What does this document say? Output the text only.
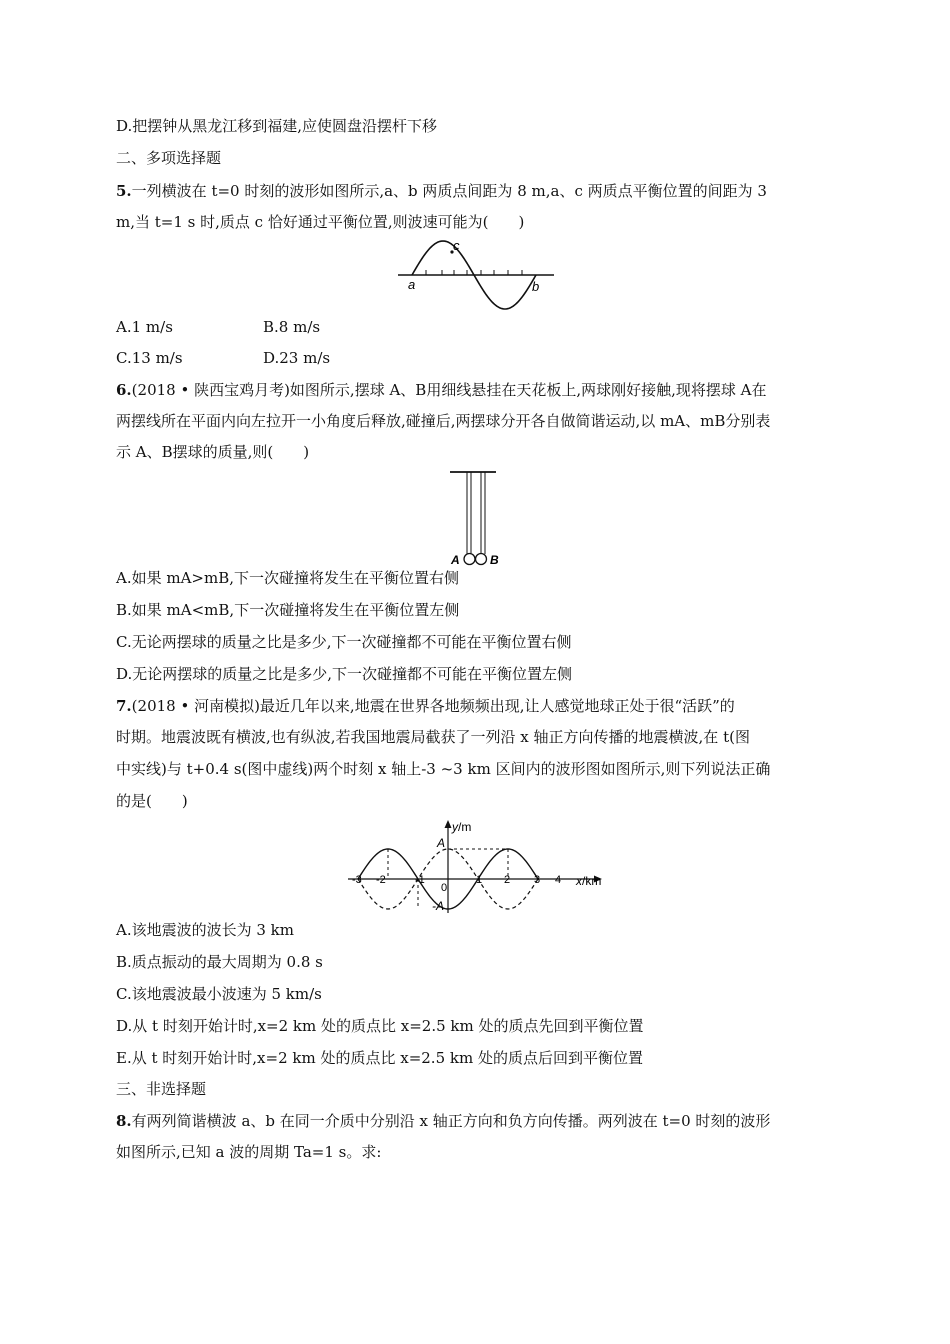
D.把摆钟从黑龙江移到福建,应使圆盘沿摆杆下移
二、多项选择题
5.一列横波在 t=0 时刻的波形如图所示,a、b 两质点间距为 8 m,a、c 两质点平衡位置的间距为 3
m,当 t=1 s 时,质点 c 恰好通过平衡位置,则波速可能为(　　)
c
a	b
A.1 m/s	B.8 m/s
C.13 m/s	D.23 m/s
6.(2018 • 陕西宝鸡月考)如图所示,摆球 A、B用细线悬挂在天花板上,两球刚好接触,现将摆球 A在
两摆线所在平面内向左拉开一小角度后释放,碰撞后,两摆球分开各自做简谐运动,以 mA、mB分别表
示 A、B摆球的质量,则(　　)
A	B
A.如果 mA>mB,下一次碰撞将发生在平衡位置右侧
B.如果 mA<mB,下一次碰撞将发生在平衡位置左侧
C.无论两摆球的质量之比是多少,下一次碰撞都不可能在平衡位置右侧
D.无论两摆球的质量之比是多少,下一次碰撞都不可能在平衡位置左侧
7.(2018 • 河南模拟)最近几年以来,地震在世界各地频频出现,让人感觉地球正处于很“活跃”的
时期。地震波既有横波,也有纵波,若我国地震局截获了一列沿 x 轴正方向传播的地震横波,在 t(图
中实线)与 t+0.4 s(图中虚线)两个时刻 x 轴上-3 ~3 km 区间内的波形图如图所示,则下列说法正确
的是(　　)
y/m
A
-A
x/km
-3 -2	-1
0
1 2 3 4
A.该地震波的波长为 3 km
B.质点振动的最大周期为 0.8 s
C.该地震波最小波速为 5 km/s
D.从 t 时刻开始计时,x=2 km 处的质点比 x=2.5 km 处的质点先回到平衡位置
E.从 t 时刻开始计时,x=2 km 处的质点比 x=2.5 km 处的质点后回到平衡位置
三、非选择题
8.有两列简谐横波 a、b 在同一介质中分别沿 x 轴正方向和负方向传播。两列波在 t=0 时刻的波形
如图所示,已知 a 波的周期 Ta=1 s。求:
